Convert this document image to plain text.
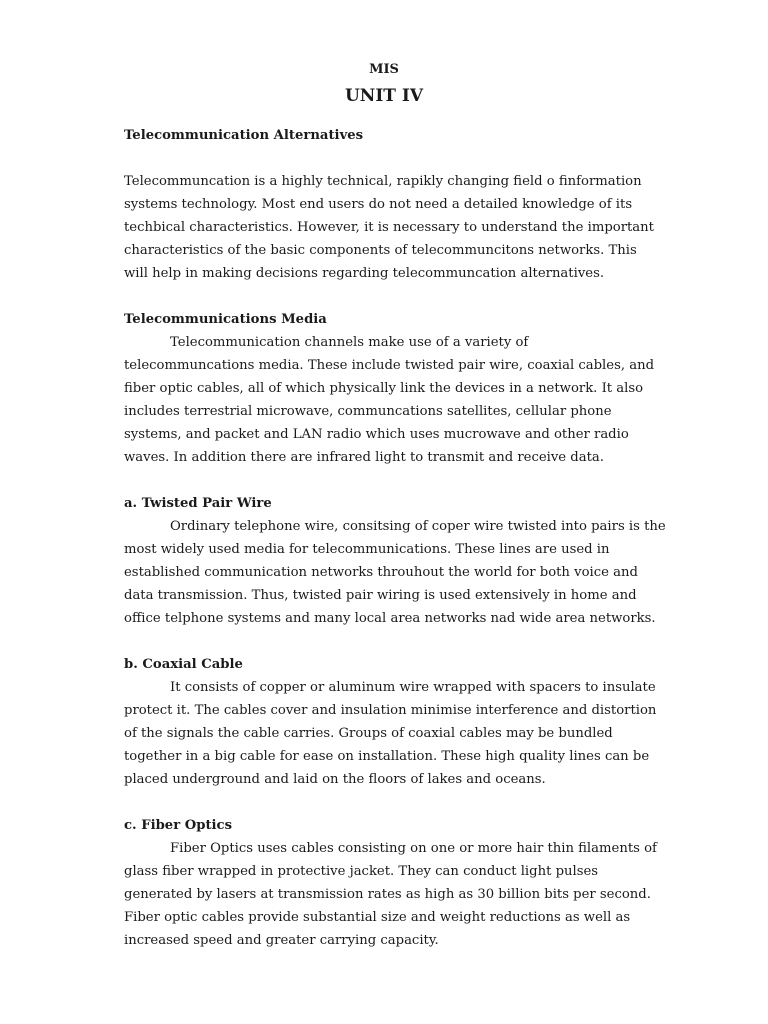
MIS
UNIT IV

Telecommunication Alternatives

Telecommuncation is a highly technical, rapikly changing field o finformation
systems technology. Most end users do not need a detailed knowledge of its
techbical characteristics. However, it is necessary to understand the important
characteristics of the basic components of telecommuncitons networks. This
will help in making decisions regarding telecommuncation alternatives.

Telecommunications Media

Telecommunication channels make use of a variety of
telecommuncations media. These include twisted pair wire, coaxial cables, and
fiber optic cables, all of which physically link the devices in a network. It also
includes terrestrial microwave, communcations satellites, cellular phone
systems, and packet and LAN radio which uses mucrowave and other radio
waves. In addition there are infrared light to transmit and receive data.

a. Twisted Pair Wire

Ordinary telephone wire, consitsing of coper wire twisted into pairs is the
most widely used media for telecommunications. These lines are used in
established communication networks throuhout the world for both voice and
data transmission. Thus, twisted pair wiring is used extensively in home and
office telphone systems and many local area networks nad wide area networks.

b. Coaxial Cable

It consists of copper or aluminum wire wrapped with spacers to insulate
protect it. The cables cover and insulation minimise interference and distortion
of the signals the cable carries. Groups of coaxial cables may be bundled
together in a big cable for ease on installation. These high quality lines can be
placed underground and laid on the floors of lakes and oceans.

c. Fiber Optics

Fiber Optics uses cables consisting on one or more hair thin filaments of
glass fiber wrapped in protective jacket. They can conduct light pulses
generated by lasers at transmission rates as high as 30 billion bits per second.
Fiber optic cables provide substantial size and weight reductions as well as
increased speed and greater carrying capacity.
